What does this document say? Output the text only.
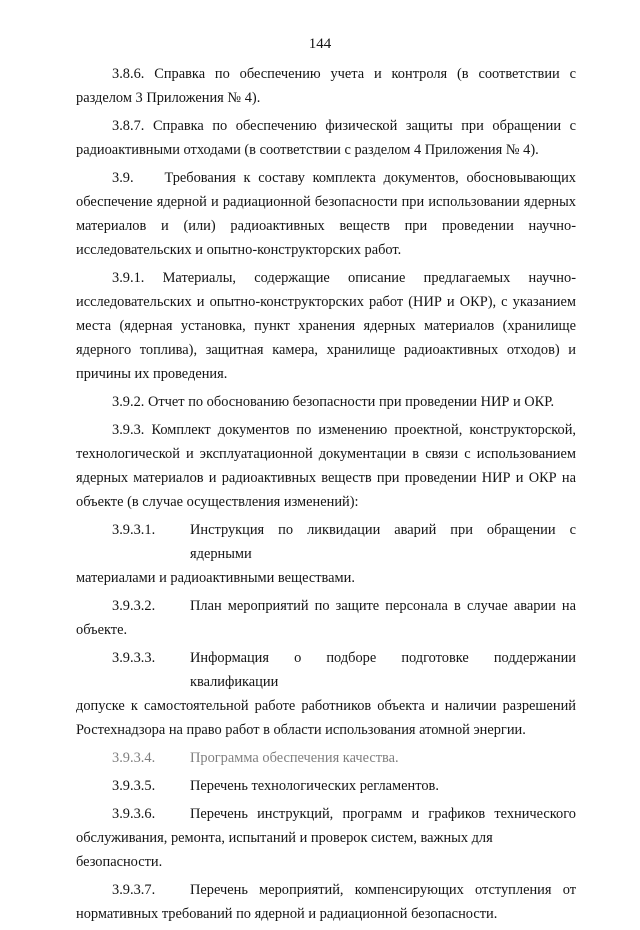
144

3.8.6. Справка по обеспечению учета и контроля (в соответствии с разделом 3 Приложения № 4).

3.8.7. Справка по обеспечению физической защиты при обращении с радиоактивными отходами (в соответствии с разделом 4 Приложения № 4).

3.9. Требования к составу комплекта документов, обосновывающих обеспечение ядерной и радиационной безопасности при использовании ядерных материалов и (или) радиоактивных веществ при проведении научно-исследовательских и опытно-конструкторских работ.

3.9.1. Материалы, содержащие описание предлагаемых научно-исследовательских и опытно-конструкторских работ (НИР и ОКР), с указанием места (ядерная установка, пункт хранения ядерных материалов (хранилище ядерного топлива), защитная камера, хранилище радиоактивных отходов) и причины их проведения.

3.9.2. Отчет по обоснованию безопасности при проведении НИР и ОКР.

3.9.3. Комплект документов по изменению проектной, конструкторской, технологической и эксплуатационной документации в связи с использованием ядерных материалов и радиоактивных веществ при проведении НИР и ОКР на объекте (в случае осуществления изменений):

3.9.3.1.	Инструкция по ликвидации аварий при обращении с ядерными
материалами и радиоактивными веществами.
3.9.3.2.	План мероприятий по защите персонала в случае аварии на
объекте.
3.9.3.3.	Информация о подборе подготовке поддержании квалификации
допуске к самостоятельной работе работников объекта и наличии разрешений Ростехнадзора на право работ в области использования атомной энергии.
3.9.3.4.	Программа обеспечения качества.
3.9.3.5.	Перечень технологических регламентов.
3.9.3.6.	Перечень инструкций, программ и графиков технического
обслуживания, ремонта, испытаний и проверок систем, важных для безопасности.
3.9.3.7.	Перечень мероприятий, компенсирующих отступления от
нормативных требований по ядерной и радиационной безопасности.
